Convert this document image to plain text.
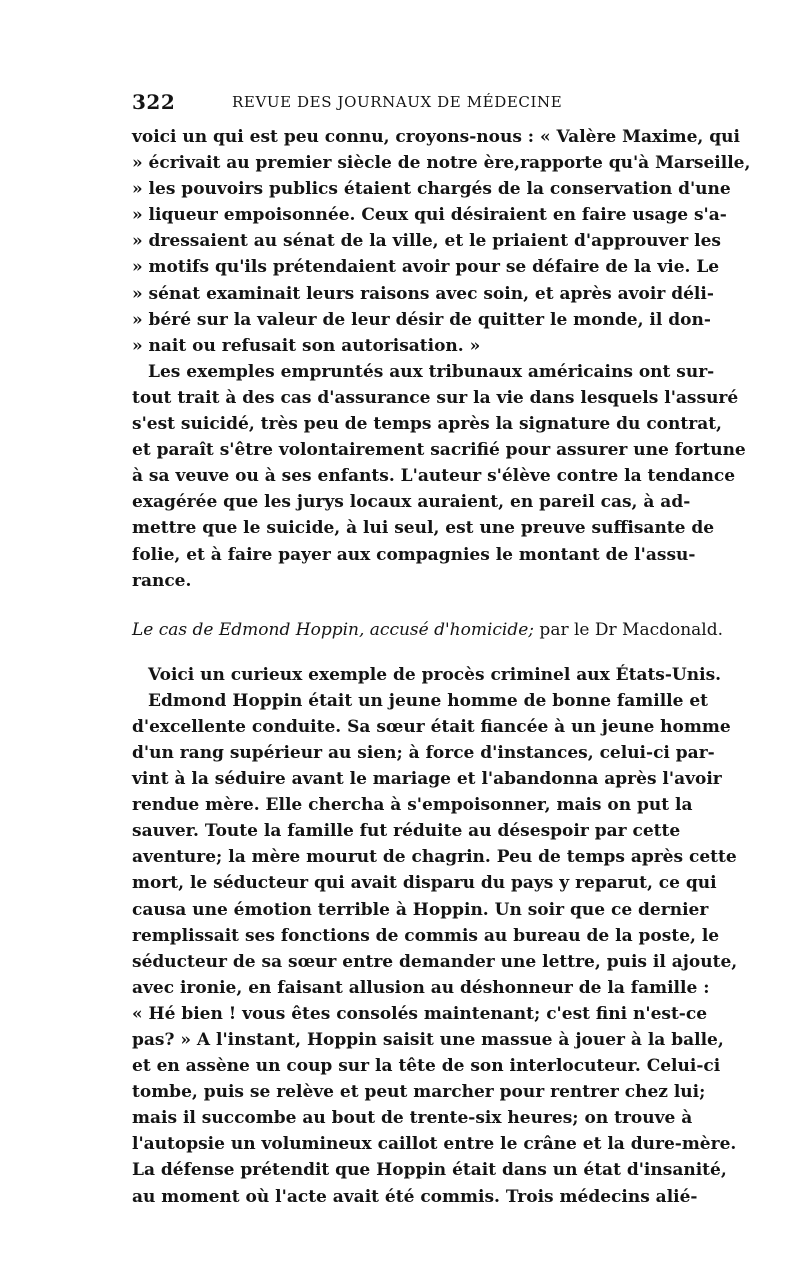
322	REVUE DES JOURNAUX DE MÉDECINE
voici un qui est peu connu, croyons-nous : « Valère Maxime, qui
» écrivait au premier siècle de notre ère,rapporte qu'à Marseille,
» les pouvoirs publics étaient chargés de la conservation d'une
» liqueur empoisonnée. Ceux qui désiraient en faire usage s'a-
» dressaient au sénat de la ville, et le priaient d'approuver les
» motifs qu'ils prétendaient avoir pour se défaire de la vie. Le
» sénat examinait leurs raisons avec soin, et après avoir déli-
» béré sur la valeur de leur désir de quitter le monde, il don-
» nait ou refusait son autorisation. »
Les exemples empruntés aux tribunaux américains ont sur-
tout trait à des cas d'assurance sur la vie dans lesquels l'assuré
s'est suicidé, très peu de temps après la signature du contrat,
et paraît s'être volontairement sacrifié pour assurer une fortune
à sa veuve ou à ses enfants. L'auteur s'élève contre la tendance
exagérée que les jurys locaux auraient, en pareil cas, à ad-
mettre que le suicide, à lui seul, est une preuve suffisante de
folie, et à faire payer aux compagnies le montant de l'assu-
rance.
Le cas de Edmond Hoppin, accusé d'homicide; par le Dr Macdonald.
Voici un curieux exemple de procès criminel aux États-Unis.
Edmond Hoppin était un jeune homme de bonne famille et
d'excellente conduite. Sa sœur était fiancée à un jeune homme
d'un rang supérieur au sien; à force d'instances, celui-ci par-
vint à la séduire avant le mariage et l'abandonna après l'avoir
rendue mère. Elle chercha à s'empoisonner, mais on put la
sauver. Toute la famille fut réduite au désespoir par cette
aventure; la mère mourut de chagrin. Peu de temps après cette
mort, le séducteur qui avait disparu du pays y reparut, ce qui
causa une émotion terrible à Hoppin. Un soir que ce dernier
remplissait ses fonctions de commis au bureau de la poste, le
séducteur de sa sœur entre demander une lettre, puis il ajoute,
avec ironie, en faisant allusion au déshonneur de la famille :
« Hé bien ! vous êtes consolés maintenant; c'est fini n'est-ce
pas? » A l'instant, Hoppin saisit une massue à jouer à la balle,
et en assène un coup sur la tête de son interlocuteur. Celui-ci
tombe, puis se relève et peut marcher pour rentrer chez lui;
mais il succombe au bout de trente-six heures; on trouve à
l'autopsie un volumineux caillot entre le crâne et la dure-mère.
La défense prétendit que Hoppin était dans un état d'insanité,
au moment où l'acte avait été commis. Trois médecins alié-
